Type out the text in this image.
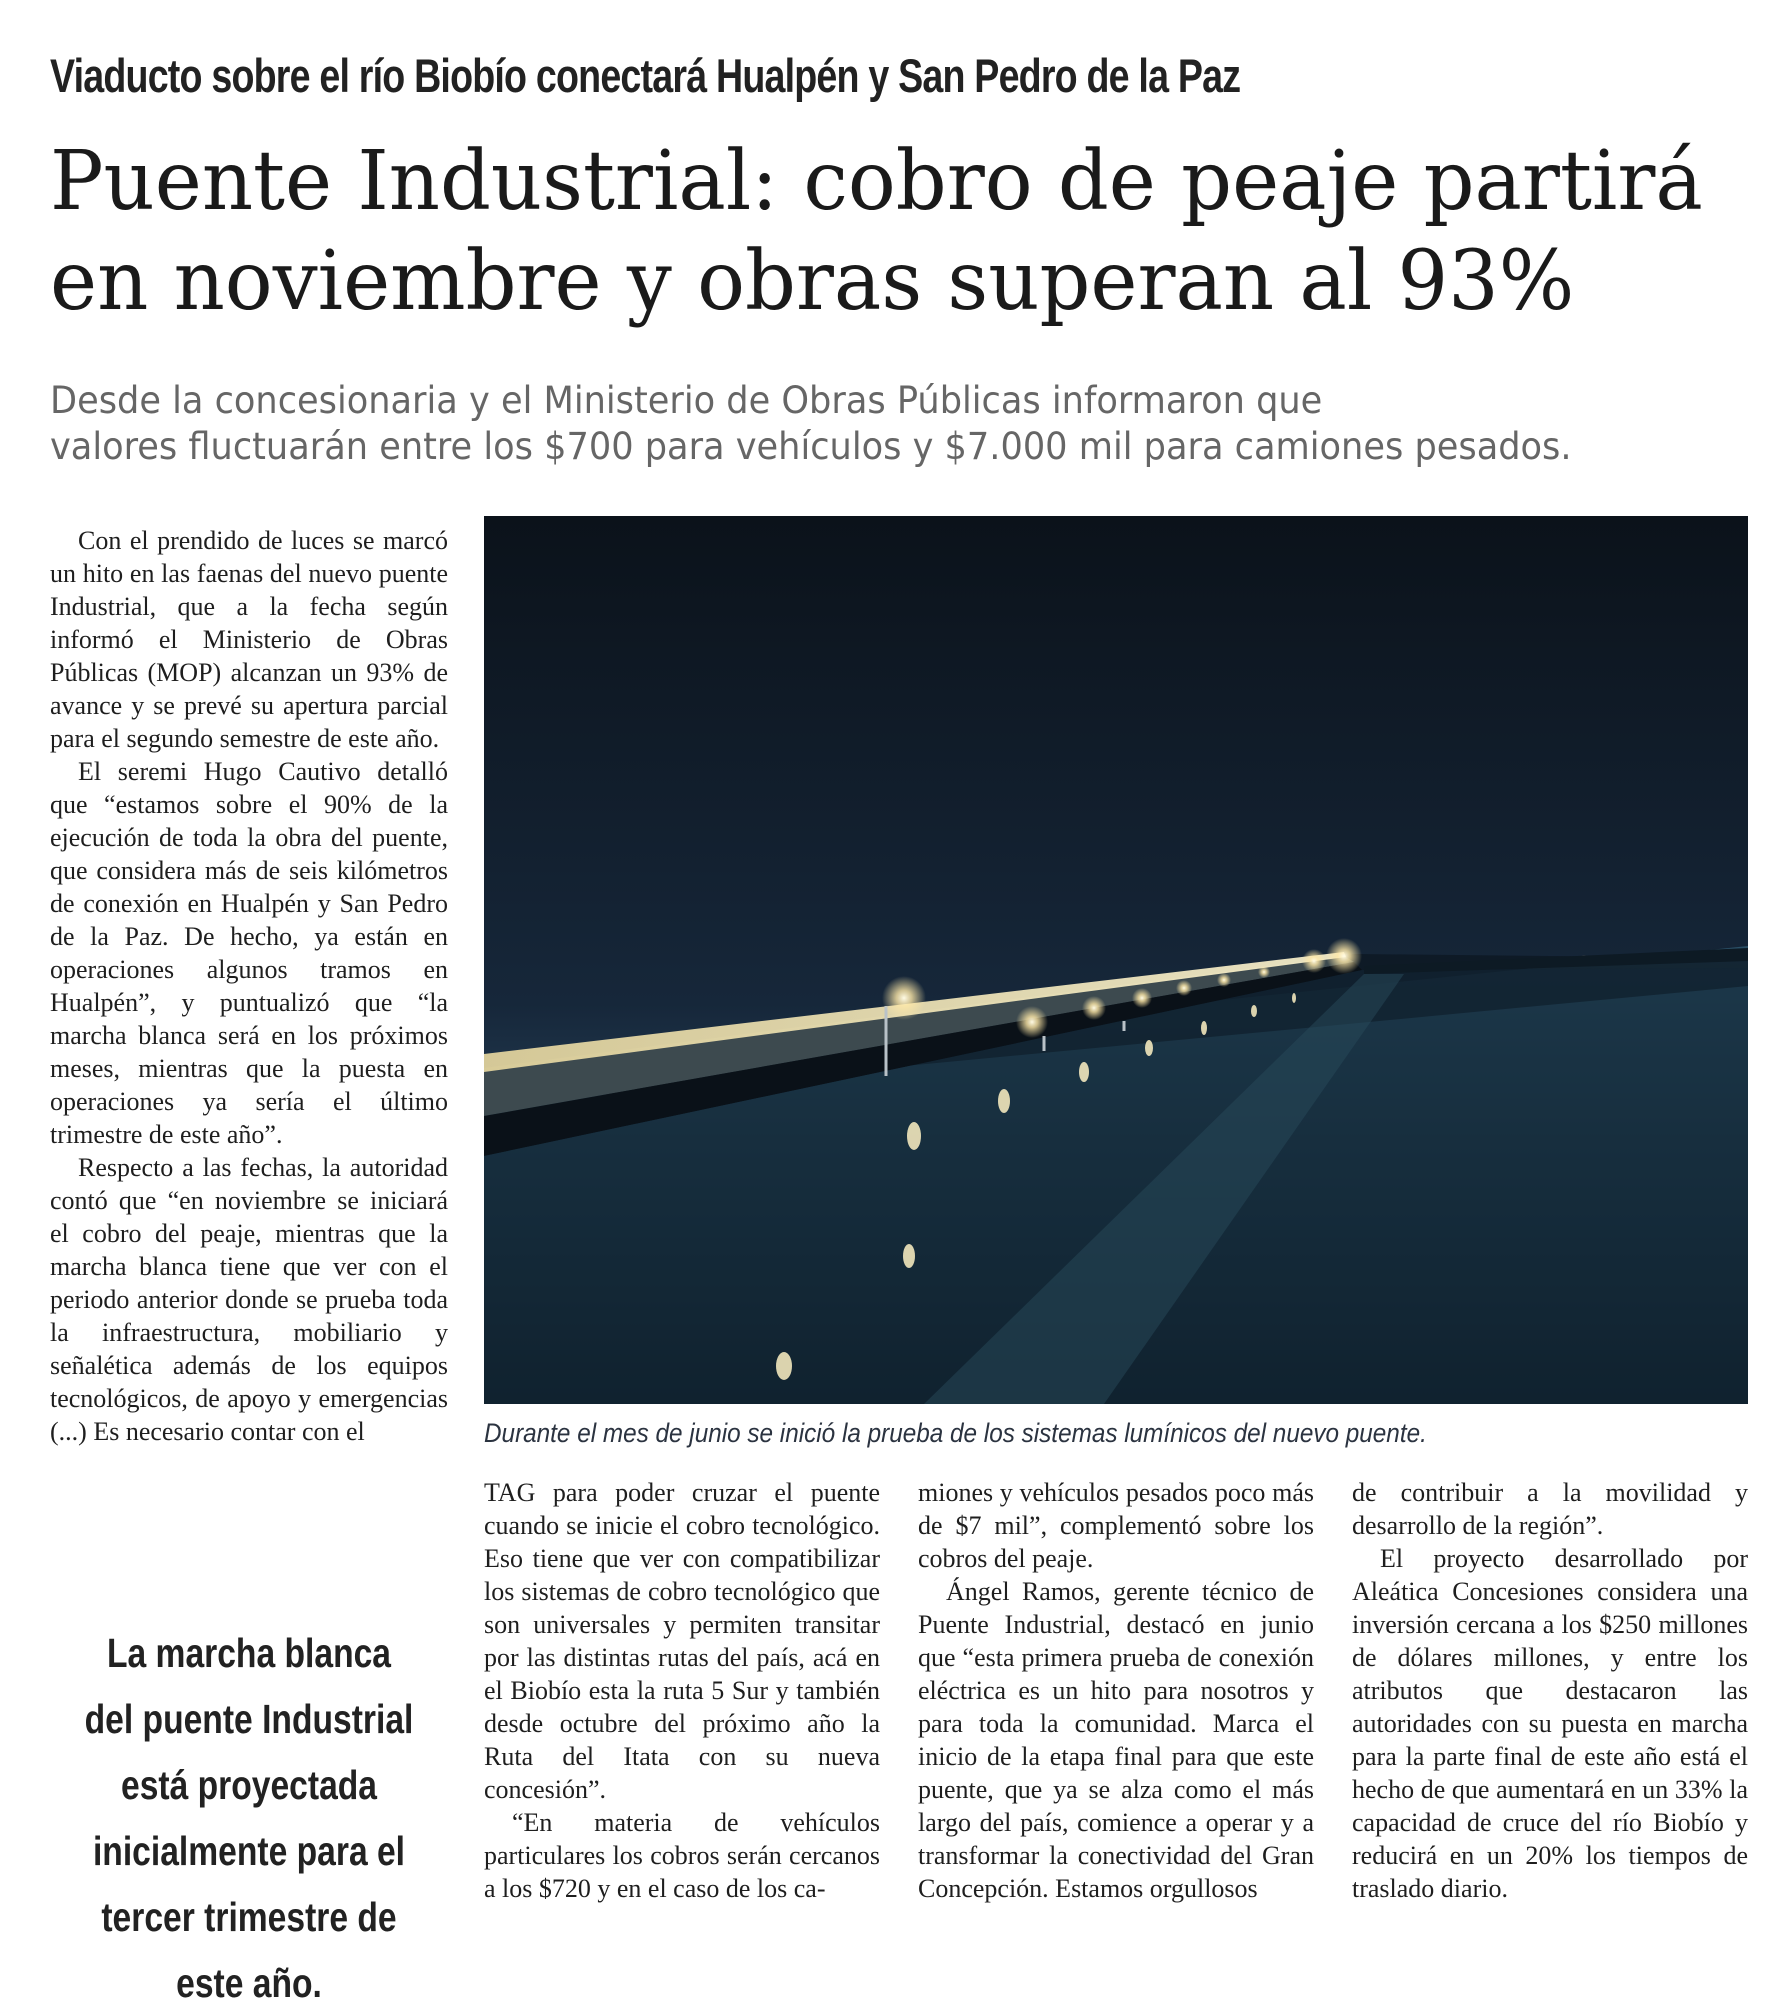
Viaducto sobre el río Biobío conectará Hualpén y San Pedro de la Paz
Puente Industrial: cobro de peaje partirá
en noviembre y obras superan al 93%
Desde la concesionaria y el Ministerio de Obras Públicas informaron que
valores fluctuarán entre los $700 para vehículos y $7.000 mil para camiones pesados.

Con el prendido de luces se marcó un hito en las faenas del nuevo puente Industrial, que a la fecha según informó el Ministerio de Obras Públicas (MOP) alcanzan un 93% de avance y se prevé su apertura parcial para el segundo semestre de este año.

El seremi Hugo Cautivo detalló que “estamos sobre el 90% de la ejecución de toda la obra del puente, que considera más de seis kilómetros de conexión en Hualpén y San Pedro de la Paz. De hecho, ya están en operaciones algunos tramos en Hualpén”, y puntualizó que “la marcha blanca será en los próximos meses, mientras que la puesta en operaciones ya sería el último trimestre de este año”.

Respecto a las fechas, la autoridad contó que “en noviembre se iniciará el cobro del peaje, mientras que la marcha blanca tiene que ver con el periodo anterior donde se prueba toda la infraestructura, mobiliario y señalética además de los equipos tecnológicos, de apoyo y emergencias (...) Es necesario contar con el

La marcha blanca del puente Industrial está proyectada inicialmente para el tercer trimestre de este año.
Durante el mes de junio se inició la prueba de los sistemas lumínicos del nuevo puente.

TAG para poder cruzar el puente cuando se inicie el cobro tecnológico. Eso tiene que ver con compatibilizar los sistemas de cobro tecnológico que son universales y permiten transitar por las distintas rutas del país, acá en el Biobío esta la ruta 5 Sur y también desde octubre del próximo año la Ruta del Itata con su nueva concesión”.

“En materia de vehículos particulares los cobros serán cercanos a los $720 y en el caso de los ca-

miones y vehículos pesados poco más de $7 mil”, complementó sobre los cobros del peaje.

Ángel Ramos, gerente técnico de Puente Industrial, destacó en junio que “esta primera prueba de conexión eléctrica es un hito para nosotros y para toda la comunidad. Marca el inicio de la etapa final para que este puente, que ya se alza como el más largo del país, comience a operar y a transformar la conectividad del Gran Concepción. Estamos orgullosos

de contribuir a la movilidad y desarrollo de la región”.

El proyecto desarrollado por Aleática Concesiones considera una inversión cercana a los $250 millones de dólares millones, y entre los atributos que destacaron las autoridades con su puesta en marcha para la parte final de este año está el hecho de que aumentará en un 33% la capacidad de cruce del río Biobío y reducirá en un 20% los tiempos de traslado diario.
